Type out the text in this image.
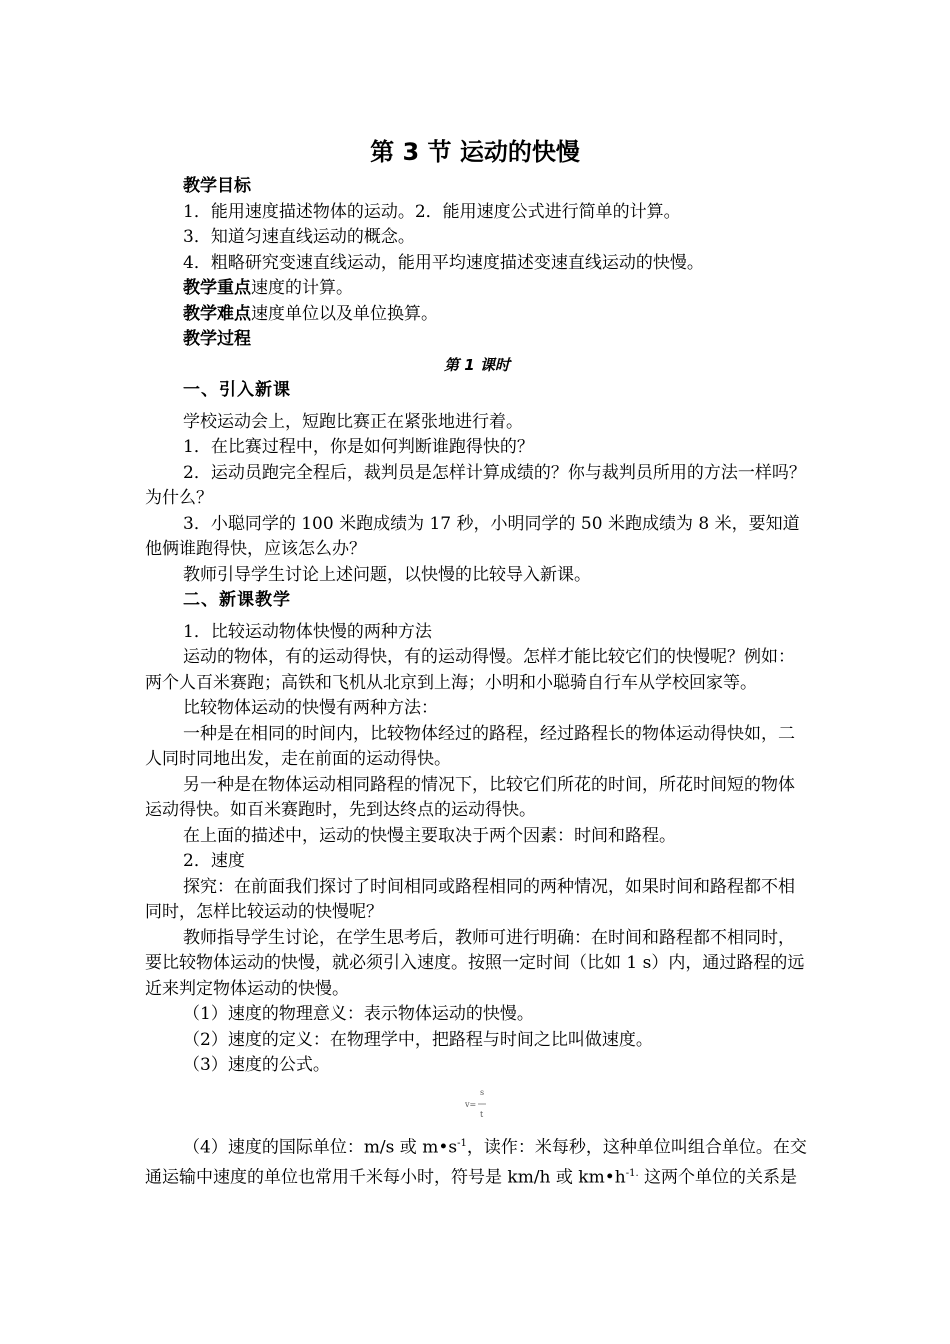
第 3 节 运动的快慢

教学目标

1．能用速度描述物体的运动。2．能用速度公式进行简单的计算。

3．知道匀速直线运动的概念。

4．粗略研究变速直线运动，能用平均速度描述变速直线运动的快慢。

教学重点速度的计算。

教学难点速度单位以及单位换算。

教学过程

第 1 课时

一、引入新课

学校运动会上，短跑比赛正在紧张地进行着。

1．在比赛过程中，你是如何判断谁跑得快的？

2．运动员跑完全程后，裁判员是怎样计算成绩的？你与裁判员所用的方法一样吗？为什么？

3．小聪同学的 100 米跑成绩为 17 秒，小明同学的 50 米跑成绩为 8 米，要知道他俩谁跑得快，应该怎么办？

教师引导学生讨论上述问题，以快慢的比较导入新课。

二、新课教学

1．比较运动物体快慢的两种方法

运动的物体，有的运动得快，有的运动得慢。怎样才能比较它们的快慢呢？例如：两个人百米赛跑；高铁和飞机从北京到上海；小明和小聪骑自行车从学校回家等。

比较物体运动的快慢有两种方法：

一种是在相同的时间内，比较物体经过的路程，经过路程长的物体运动得快如，二人同时同地出发，走在前面的运动得快。

另一种是在物体运动相同路程的情况下，比较它们所花的时间，所花时间短的物体运动得快。如百米赛跑时，先到达终点的运动得快。

在上面的描述中，运动的快慢主要取决于两个因素：时间和路程。

2．速度

探究：在前面我们探讨了时间相同或路程相同的两种情况，如果时间和路程都不相同时，怎样比较运动的快慢呢？

教师指导学生讨论，在学生思考后，教师可进行明确：在时间和路程都不相同时，要比较物体运动的快慢，就必须引入速度。按照一定时间（比如 1 s）内，通过路程的远近来判定物体运动的快慢。

（1）速度的物理意义：表示物体运动的快慢。

（2）速度的定义：在物理学中，把路程与时间之比叫做速度。

（3）速度的公式。

s
v=
t

（4）速度的国际单位：m/s 或 $m•s^{-1}$，读作：米每秒，这种单位叫组合单位。在交通运输中速度的单位也常用千米每小时，符号是 km/h 或 $km•h^{-1.}$ 这两个单位的关系是
